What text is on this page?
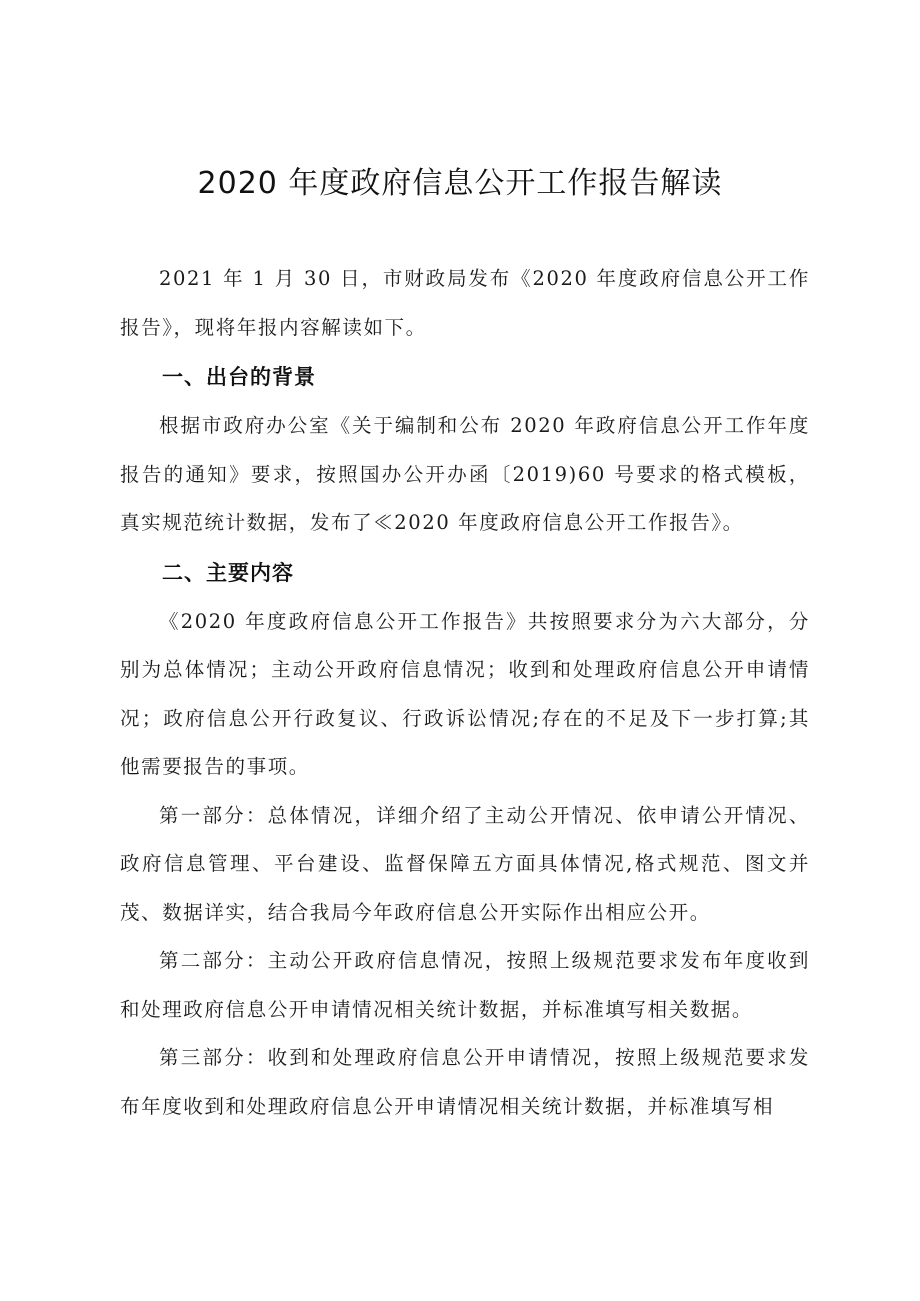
2020 年度政府信息公开工作报告解读

2021 年 1 月 30 日，市财政局发布《2020 年度政府信息公开工作报告》，现将年报内容解读如下。

一、出台的背景

根据市政府办公室《关于编制和公布 2020 年政府信息公开工作年度报告的通知》要求，按照国办公开办函〔2019)60 号要求的格式模板，真实规范统计数据，发布了≪2020 年度政府信息公开工作报告》。

二、主要内容

《2020 年度政府信息公开工作报告》共按照要求分为六大部分，分别为总体情况；主动公开政府信息情况；收到和处理政府信息公开申请情况；政府信息公开行政复议、行政诉讼情况;存在的不足及下一步打算;其他需要报告的事项。

第一部分：总体情况，详细介绍了主动公开情况、依申请公开情况、政府信息管理、平台建设、监督保障五方面具体情况,格式规范、图文并茂、数据详实，结合我局今年政府信息公开实际作出相应公开。

第二部分：主动公开政府信息情况，按照上级规范要求发布年度收到和处理政府信息公开申请情况相关统计数据，并标准填写相关数据。

第三部分：收到和处理政府信息公开申请情况，按照上级规范要求发布年度收到和处理政府信息公开申请情况相关统计数据，并标准填写相
